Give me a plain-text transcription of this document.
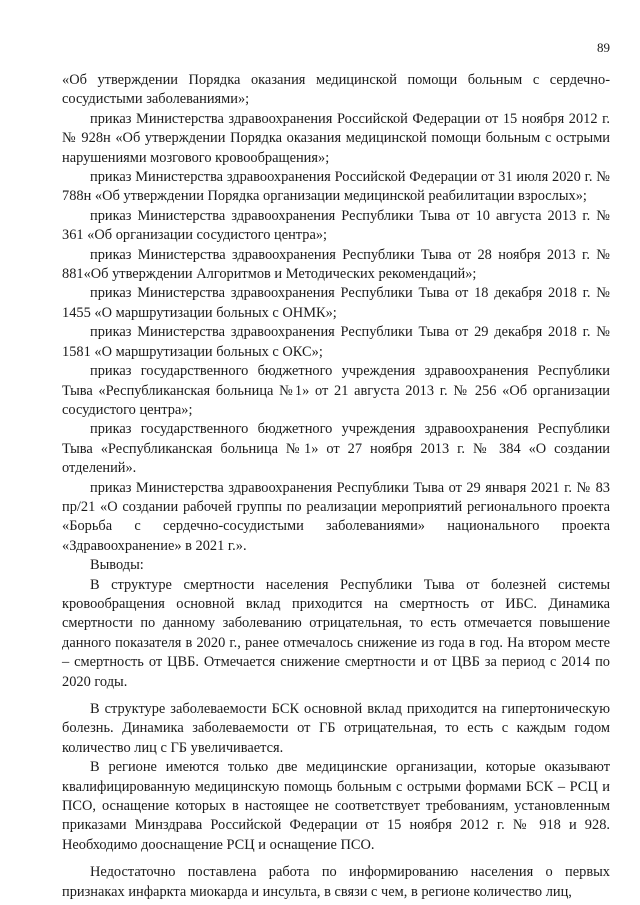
89

«Об утверждении Порядка оказания медицинской помощи больным с сердечно-сосудистыми заболеваниями»;

приказ Министерства здравоохранения Российской Федерации от 15 ноября 2012 г. № 928н «Об утверждении Порядка оказания медицинской помощи больным с острыми нарушениями мозгового кровообращения»;

приказ Министерства здравоохранения Российской Федерации от 31 июля 2020 г. № 788н «Об утверждении Порядка организации медицинской реабилитации взрослых»;

приказ Министерства здравоохранения Республики Тыва от 10 августа 2013 г. № 361 «Об организации сосудистого центра»;

приказ Министерства здравоохранения Республики Тыва от 28 ноября 2013 г. № 881«Об утверждении Алгоритмов и Методических рекомендаций»;

приказ Министерства здравоохранения Республики Тыва от 18 декабря 2018 г. № 1455 «О маршрутизации больных с ОНМК»;

приказ Министерства здравоохранения Республики Тыва от 29 декабря 2018 г. № 1581 «О маршрутизации больных с ОКС»;

приказ государственного бюджетного учреждения здравоохранения Республики Тыва «Республиканская больница №1» от 21 августа 2013 г. № 256 «Об организации сосудистого центра»;

приказ государственного бюджетного учреждения здравоохранения Республики Тыва «Республиканская больница №1» от 27 ноября 2013 г. № 384 «О создании отделений».

приказ Министерства здравоохранения Республики Тыва от 29 января 2021 г. № 83 пр/21 «О создании рабочей группы по реализации мероприятий регионального проекта «Борьба с сердечно-сосудистыми заболеваниями» национального проекта «Здравоохранение» в 2021 г.».

Выводы:

В структуре смертности населения Республики Тыва от болезней системы кровообращения основной вклад приходится на смертность от ИБС. Динамика смертности по данному заболеванию отрицательная, то есть отмечается повышение данного показателя в 2020 г., ранее отмечалось снижение из года в год. На втором месте – смертность от ЦВБ. Отмечается снижение смертности и от ЦВБ за период с 2014 по 2020 годы.

В структуре заболеваемости БСК основной вклад приходится на гипертоническую болезнь. Динамика заболеваемости от ГБ отрицательная, то есть с каждым годом количество лиц с ГБ увеличивается.

В регионе имеются только две медицинские организации, которые оказывают квалифицированную медицинскую помощь больным с острыми формами БСК – РСЦ и ПСО, оснащение которых в настоящее не соответствует требованиям, установленным приказами Минздрава Российской Федерации от 15 ноября 2012 г. № 918 и 928. Необходимо дооснащение РСЦ и оснащение ПСО.

Недостаточно поставлена работа по информированию населения о первых признаках инфаркта миокарда и инсульта, в связи с чем, в регионе количество лиц,
